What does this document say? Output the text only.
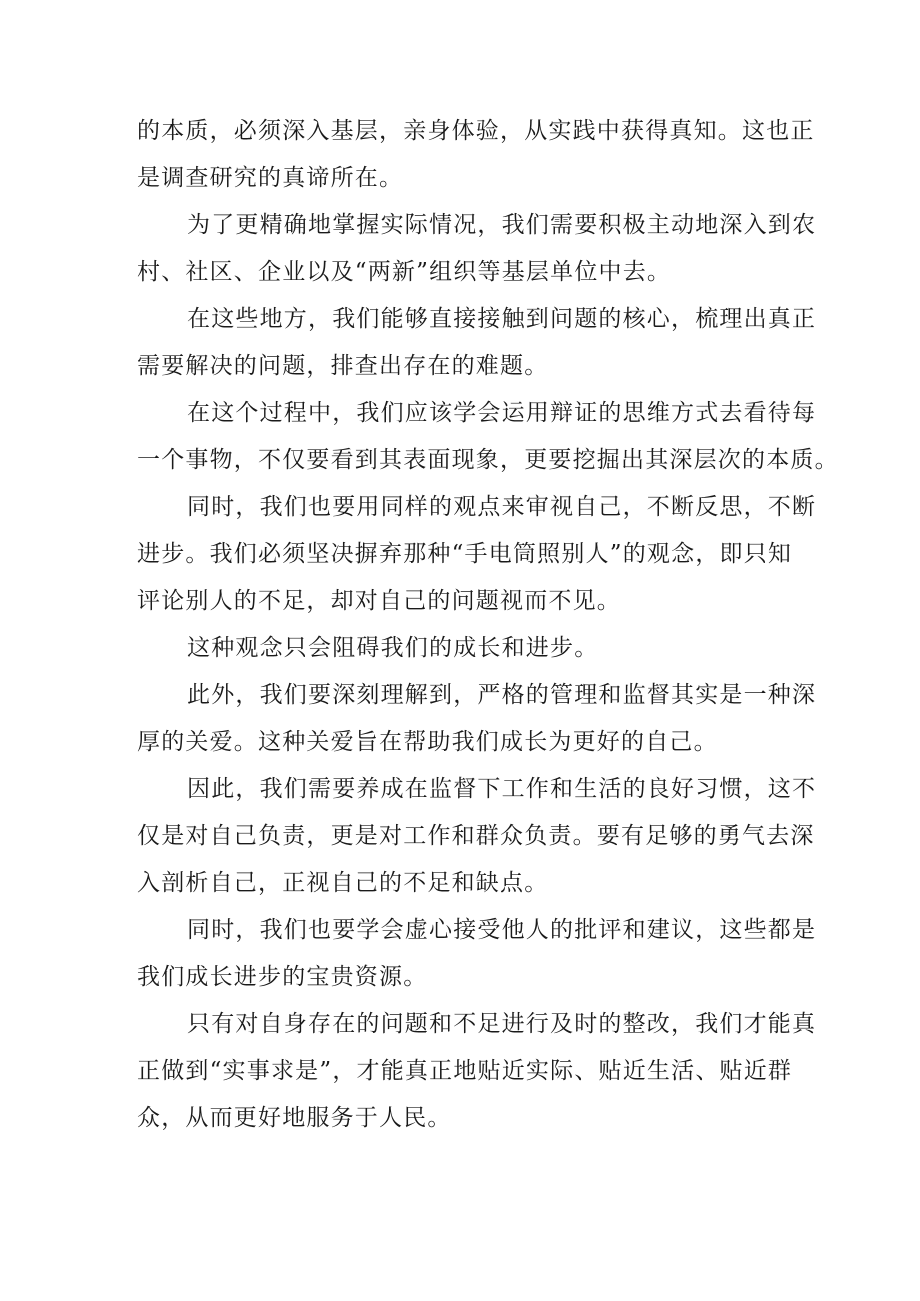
的本质，必须深入基层，亲身体验，从实践中获得真知。这也正
是调查研究的真谛所在。
为了更精确地掌握实际情况，我们需要积极主动地深入到农
村、社区、企业以及“两新”组织等基层单位中去。
在这些地方，我们能够直接接触到问题的核心，梳理出真正
需要解决的问题，排查出存在的难题。
在这个过程中，我们应该学会运用辩证的思维方式去看待每
一个事物，不仅要看到其表面现象，更要挖掘出其深层次的本质。
同时，我们也要用同样的观点来审视自己，不断反思，不断
进步。我们必须坚决摒弃那种“手电筒照别人”的观念，即只知
评论别人的不足，却对自己的问题视而不见。
这种观念只会阻碍我们的成长和进步。
此外，我们要深刻理解到，严格的管理和监督其实是一种深
厚的关爱。这种关爱旨在帮助我们成长为更好的自己。
因此，我们需要养成在监督下工作和生活的良好习惯，这不
仅是对自己负责，更是对工作和群众负责。要有足够的勇气去深
入剖析自己，正视自己的不足和缺点。
同时，我们也要学会虚心接受他人的批评和建议，这些都是
我们成长进步的宝贵资源。
只有对自身存在的问题和不足进行及时的整改，我们才能真
正做到“实事求是”，才能真正地贴近实际、贴近生活、贴近群
众，从而更好地服务于人民。
